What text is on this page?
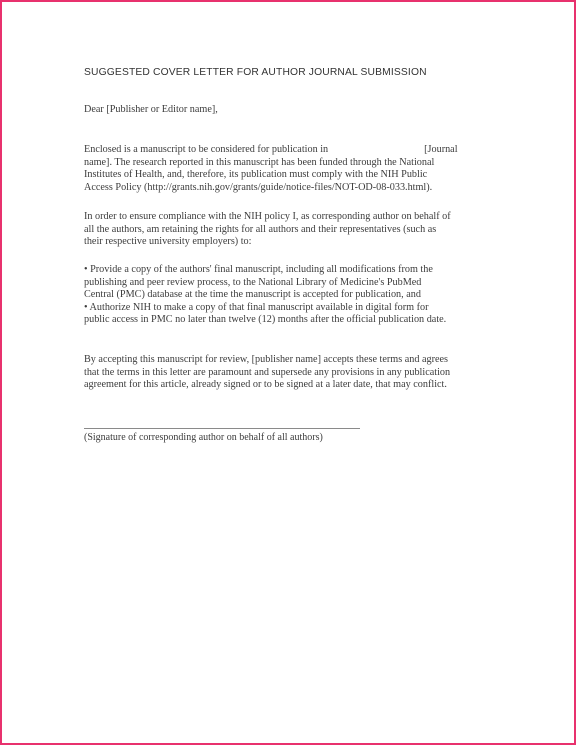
SUGGESTED COVER LETTER FOR AUTHOR JOURNAL SUBMISSION

Dear [Publisher or Editor name],

Enclosed is a manuscript to be considered for publication in	[Journal
name]. The research reported in this manuscript has been funded through the National
Institutes of Health, and, therefore, its publication must comply with the NIH Public
Access Policy (http://grants.nih.gov/grants/guide/notice-files/NOT-OD-08-033.html).

In order to ensure compliance with the NIH policy I, as corresponding author on behalf of
all the authors, am retaining the rights for all authors and their representatives (such as
their respective university employers) to:

• Provide a copy of the authors' final manuscript, including all modifications from the
publishing and peer review process, to the National Library of Medicine's PubMed
Central (PMC) database at the time the manuscript is accepted for publication, and
• Authorize NIH to make a copy of that final manuscript available in digital form for
public access in PMC no later than twelve (12) months after the official publication date.

By accepting this manuscript for review, [publisher name] accepts these terms and agrees
that the terms in this letter are paramount and supersede any provisions in any publication
agreement for this article, already signed or to be signed at a later date, that may conflict.

(Signature of corresponding author on behalf of all authors)
